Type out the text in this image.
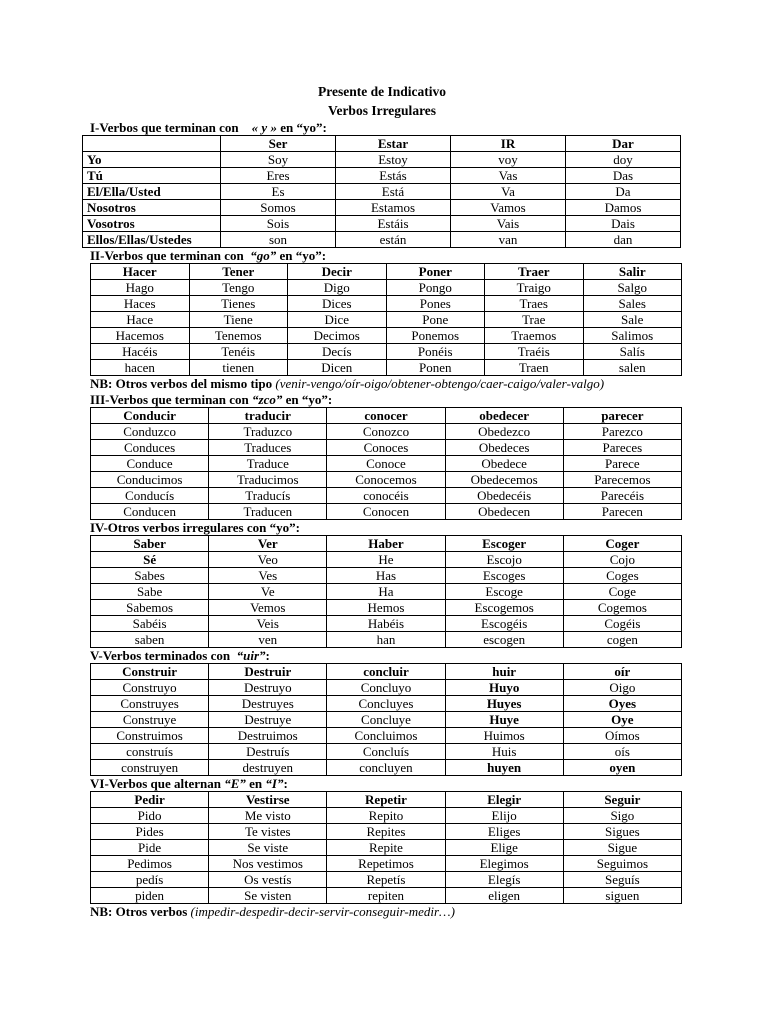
Presente de Indicativo
Verbos Irregulares
I-Verbos que terminan con « y » en “yo”:
	Ser	Estar	IR	Dar
Yo	Soy	Estoy	voy	doy
Tú	Eres	Estás	Vas	Das
El/Ella/Usted	Es	Está	Va	Da
Nosotros	Somos	Estamos	Vamos	Damos
Vosotros	Sois	Estáis	Vais	Dais
Ellos/Ellas/Ustedes	son	están	van	dan
II-Verbos que terminan con “go” en “yo”:
Hacer	Tener	Decir	Poner	Traer	Salir
Hago	Tengo	Digo	Pongo	Traigo	Salgo
Haces	Tienes	Dices	Pones	Traes	Sales
Hace	Tiene	Dice	Pone	Trae	Sale
Hacemos	Tenemos	Decimos	Ponemos	Traemos	Salimos
Hacéis	Tenéis	Decís	Ponéis	Traéis	Salís
hacen	tienen	Dicen	Ponen	Traen	salen
NB: Otros verbos del mismo tipo (venir-vengo/oír-oigo/obtener-obtengo/caer-caigo/valer-valgo)
III-Verbos que terminan con “zco” en “yo”:
Conducir	traducir	conocer	obedecer	parecer
Conduzco	Traduzco	Conozco	Obedezco	Parezco
Conduces	Traduces	Conoces	Obedeces	Pareces
Conduce	Traduce	Conoce	Obedece	Parece
Conducimos	Traducimos	Conocemos	Obedecemos	Parecemos
Conducís	Traducís	conocéis	Obedecéis	Parecéis
Conducen	Traducen	Conocen	Obedecen	Parecen
IV-Otros verbos irregulares con “yo”:
Saber	Ver	Haber	Escoger	Coger
Sé	Veo	He	Escojo	Cojo
Sabes	Ves	Has	Escoges	Coges
Sabe	Ve	Ha	Escoge	Coge
Sabemos	Vemos	Hemos	Escogemos	Cogemos
Sabéis	Veis	Habéis	Escogéis	Cogéis
saben	ven	han	escogen	cogen
V-Verbos terminados con “uir”:
Construir	Destruir	concluir	huir	oír
Construyo	Destruyo	Concluyo	Huyo	Oigo
Construyes	Destruyes	Concluyes	Huyes	Oyes
Construye	Destruye	Concluye	Huye	Oye
Construimos	Destruimos	Concluimos	Huimos	Oímos
construís	Destruís	Concluís	Huis	oís
construyen	destruyen	concluyen	huyen	oyen
VI-Verbos que alternan “E” en “I”:
Pedir	Vestirse	Repetir	Elegir	Seguir
Pido	Me visto	Repito	Elijo	Sigo
Pides	Te vistes	Repites	Eliges	Sigues
Pide	Se viste	Repite	Elige	Sigue
Pedimos	Nos vestimos	Repetimos	Elegimos	Seguimos
pedís	Os vestís	Repetís	Elegís	Seguís
piden	Se visten	repiten	eligen	siguen
NB: Otros verbos (impedir-despedir-decir-servir-conseguir-medir…)
